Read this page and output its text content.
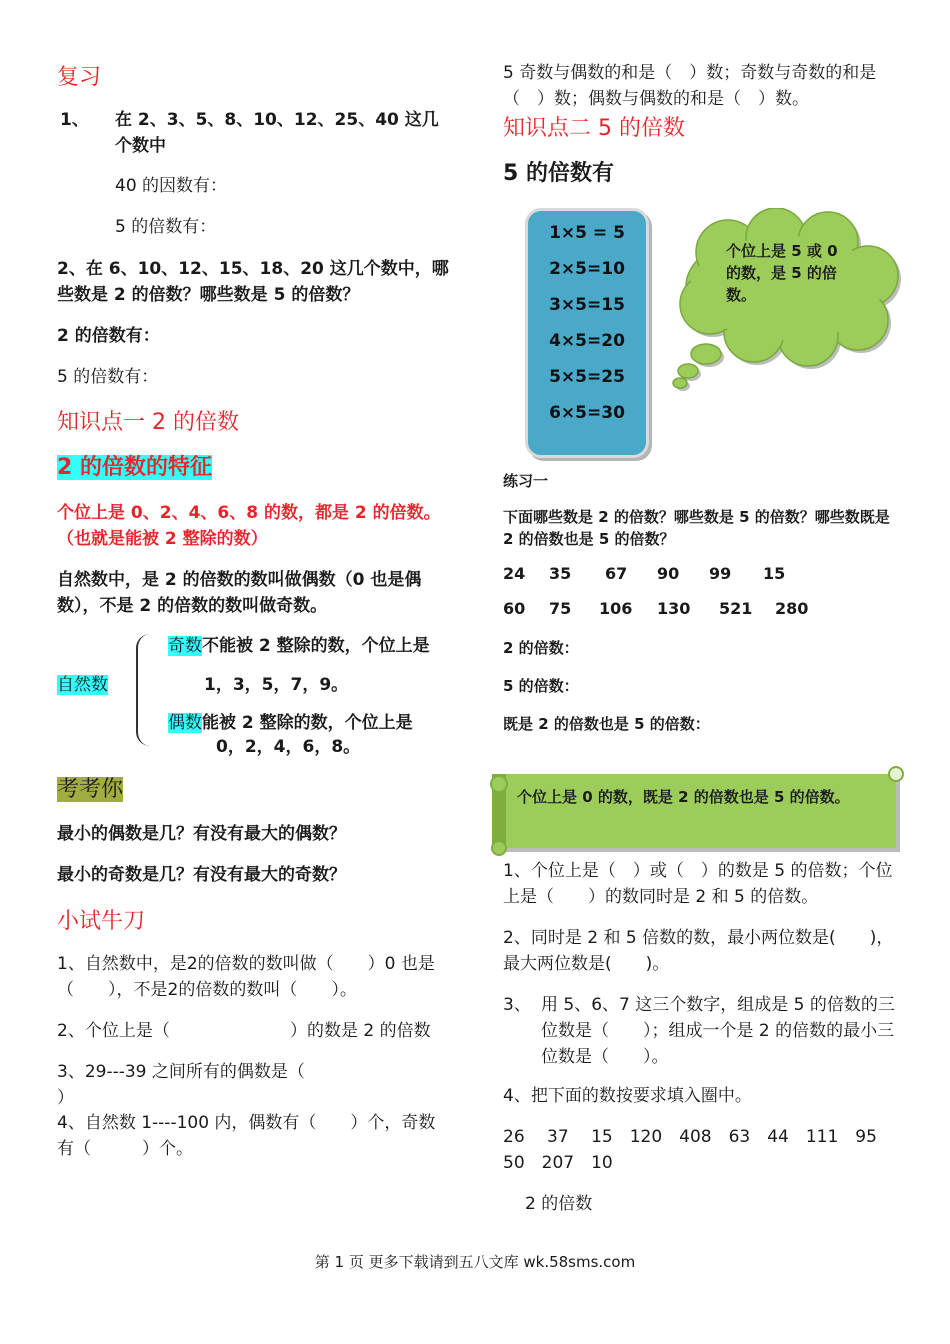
复习
1、 在 2、3、5、8、10、12、25、40 这几个数中
40 的因数有：
5 的倍数有：
2、在 6、10、12、15、18、20 这几个数中，哪些数是 2 的倍数？哪些数是 5 的倍数？
2 的倍数有：
5 的倍数有：
知识点一 2 的倍数
2 的倍数的特征
个位上是 0、2、4、6、8 的数，都是 2 的倍数。（也就是能被 2 整除的数）
自然数中，是 2 的倍数的数叫做偶数（0 也是偶数），不是 2 的倍数的数叫做奇数。
自然数
奇数不能被 2 整除的数，个位上是
1，3，5，7，9。
偶数能被 2 整除的数，个位上是
0，2，4，6，8。
考考你
最小的偶数是几？有没有最大的偶数？
最小的奇数是几？有没有最大的奇数？
小试牛刀
1、自然数中，是2的倍数的数叫做（　　）0 也是（　　），不是2的倍数的数叫（　　）。
2、个位上是（	）的数是 2 的倍数
3、29---39 之间所有的偶数是（
）
4、自然数 1----100 内，偶数有（　　）个，奇数有（　　　）个。
5 奇数与偶数的和是（　）数；奇数与奇数的和是（　）数；偶数与偶数的和是（　）数。
知识点二 5 的倍数
5 的倍数有
1×5 = 5
2×5=10
3×5=15
4×5=20
5×5=25
6×5=30
个位上是 5 或 0 的数，是 5 的倍数。
练习一
下面哪些数是 2 的倍数？哪些数是 5 的倍数？哪些数既是 2 的倍数也是 5 的倍数？
24 35 67 90 99 15
60 75 106 130 521 280
2 的倍数：
5 的倍数：
既是 2 的倍数也是 5 的倍数：
个位上是 0 的数，既是 2 的倍数也是 5 的倍数。
1、个位上是（　）或（　）的数是 5 的倍数；个位上是（　　）的数同时是 2 和 5 的倍数。
2、同时是 2 和 5 倍数的数，最小两位数是(　　)，最大两位数是(　　)。
3、 用 5、6、7 这三个数字，组成是 5 的倍数的三位数是（　　）；组成一个是 2 的倍数的最小三位数是（　　）。
4、把下面的数按要求填入圈中。
26　 37　 15　120　408　63　44　111　95　50　207　10
2 的倍数
第 1 页 更多下载请到五八文库 wk.58sms.com
